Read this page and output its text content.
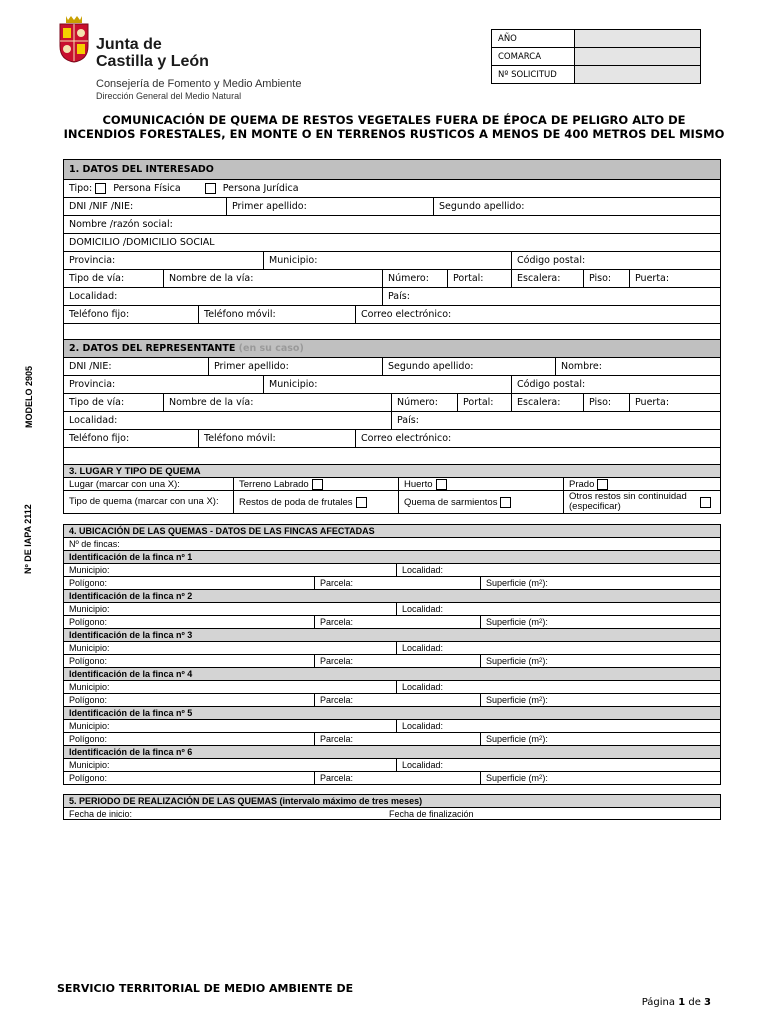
Junta de
Castilla y León
Consejería de Fomento y Medio Ambiente
Dirección General del Medio Natural
AÑO	
COMARCA	
Nº SOLICITUD	
COMUNICACIÓN DE QUEMA DE RESTOS VEGETALES FUERA DE ÉPOCA DE PELIGRO ALTO DE
INCENDIOS FORESTALES, EN MONTE O EN TERRENOS RUSTICOS A MENOS DE 400 METROS DEL MISMO
MODELO 2905
Nº DE IAPA 2112
1. DATOS DEL INTERESADO
Tipo: Persona Física	Persona Jurídica
DNI /NIF /NIE:	Primer apellido:	Segundo apellido:
Nombre /razón social:
DOMICILIO /DOMICILIO SOCIAL
Provincia:	Municipio:	Código postal:
Tipo de vía:	Nombre de la vía:	Número:	Portal:	Escalera:	Piso:	Puerta:
Localidad:	País:
Teléfono fijo:	Teléfono móvil:	Correo electrónico:
2. DATOS DEL REPRESENTANTE
(en su caso)
DNI /NIE:	Primer apellido:	Segundo apellido:	Nombre:
Provincia:	Municipio:	Código postal:
Tipo de vía:	Nombre de la vía:	Número:	Portal:	Escalera:	Piso:	Puerta:
Localidad:	País:
Teléfono fijo:	Teléfono móvil:	Correo electrónico:
3. LUGAR Y TIPO DE QUEMA
Lugar (marcar con una X):	Terreno Labrado	Huerto	Prado
Tipo de quema (marcar con una X):	Restos de poda de frutales	Quema de sarmientos	Otros restos sin continuidad (especificar)
4. UBICACIÓN DE LAS QUEMAS - DATOS DE LAS FINCAS AFECTADAS
Nº de fincas:
Identificación de la finca nº 1
Municipio:	Localidad:
Polígono:	Parcela:	Superficie (m 2 ):
Identificación de la finca nº 2
Municipio:	Localidad:
Polígono:	Parcela:	Superficie (m 2 ):
Identificación de la finca nº 3
Municipio:	Localidad:
Polígono:	Parcela:	Superficie (m 2 ):
Identificación de la finca nº 4
Municipio:	Localidad:
Polígono:	Parcela:	Superficie (m 2 ):
Identificación de la finca nº 5
Municipio:	Localidad:
Polígono:	Parcela:	Superficie (m 2 ):
Identificación de la finca nº 6
Municipio:	Localidad:
Polígono:	Parcela:	Superficie (m 2 ):
5. PERIODO DE REALIZACIÓN DE LAS QUEMAS (intervalo máximo de tres meses)
Fecha de inicio:	Fecha de finalización
SERVICIO TERRITORIAL DE MEDIO AMBIENTE DE
Página 1 de 3
